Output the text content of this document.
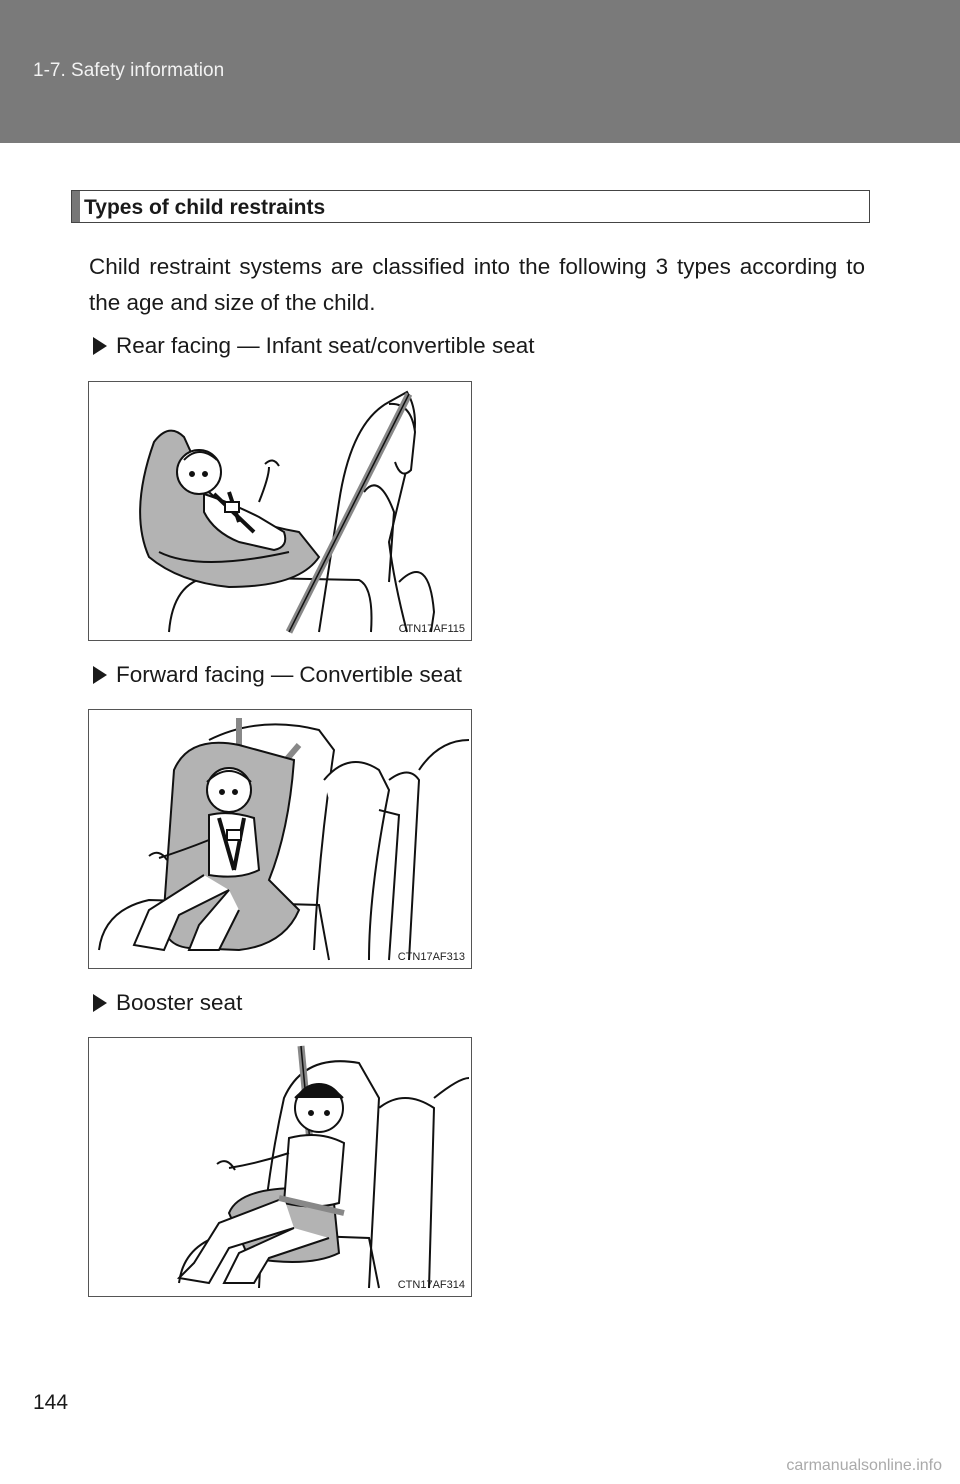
1-7. Safety information
Types of child restraints
Child restraint systems are classified into the following 3 types according to the age and size of the child.
Rear facing — Infant seat/convertible seat
CTN17AF115
Forward facing — Convertible seat
CTN17AF313
Booster seat
CTN17AF314
144
carmanualsonline.info
